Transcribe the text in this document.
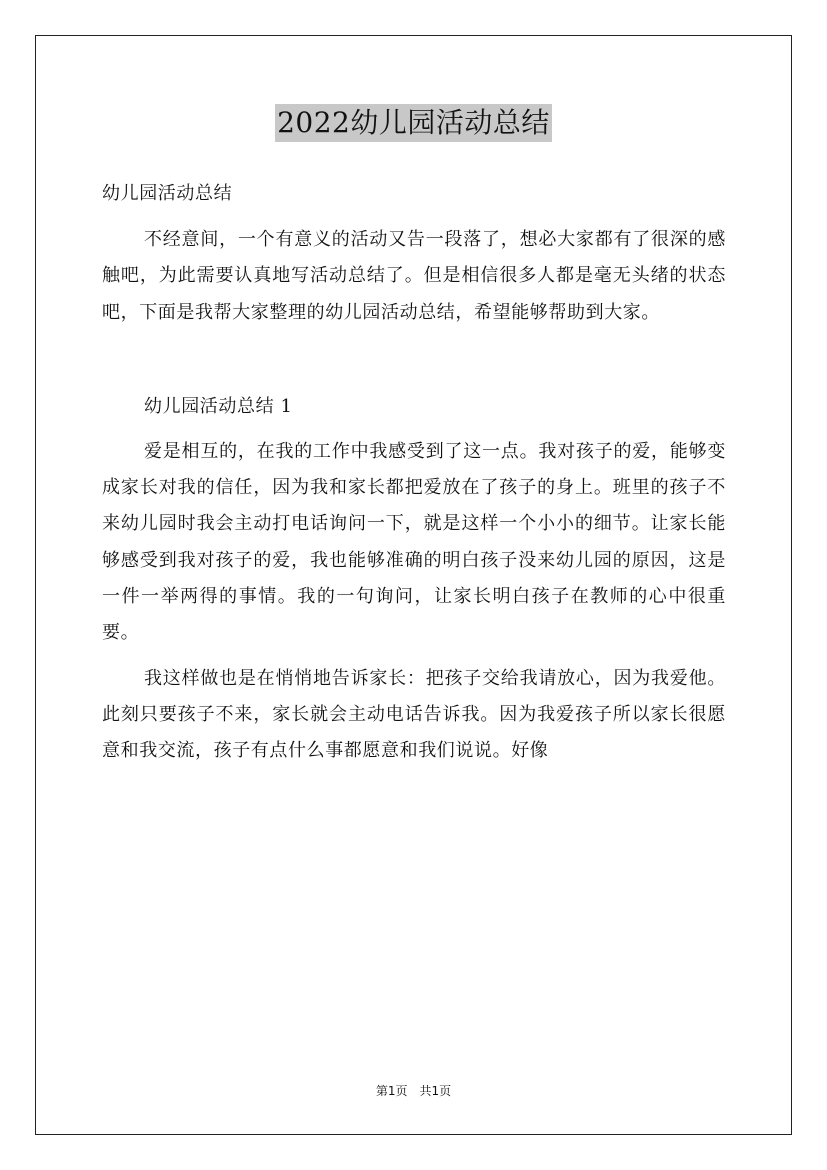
2022幼儿园活动总结

幼儿园活动总结

不经意间，一个有意义的活动又告一段落了，想必大家都有了很深的感触吧，为此需要认真地写活动总结了。但是相信很多人都是毫无头绪的状态吧，下面是我帮大家整理的幼儿园活动总结，希望能够帮助到大家。

幼儿园活动总结 1

爱是相互的，在我的工作中我感受到了这一点。我对孩子的爱，能够变成家长对我的信任，因为我和家长都把爱放在了孩子的身上。班里的孩子不来幼儿园时我会主动打电话询问一下，就是这样一个小小的细节。让家长能够感受到我对孩子的爱，我也能够准确的明白孩子没来幼儿园的原因，这是一件一举两得的事情。我的一句询问，让家长明白孩子在教师的心中很重要。

我这样做也是在悄悄地告诉家长：把孩子交给我请放心，因为我爱他。此刻只要孩子不来，家长就会主动电话告诉我。因为我爱孩子所以家长很愿意和我交流，孩子有点什么事都愿意和我们说说。好像

第1页　共1页
